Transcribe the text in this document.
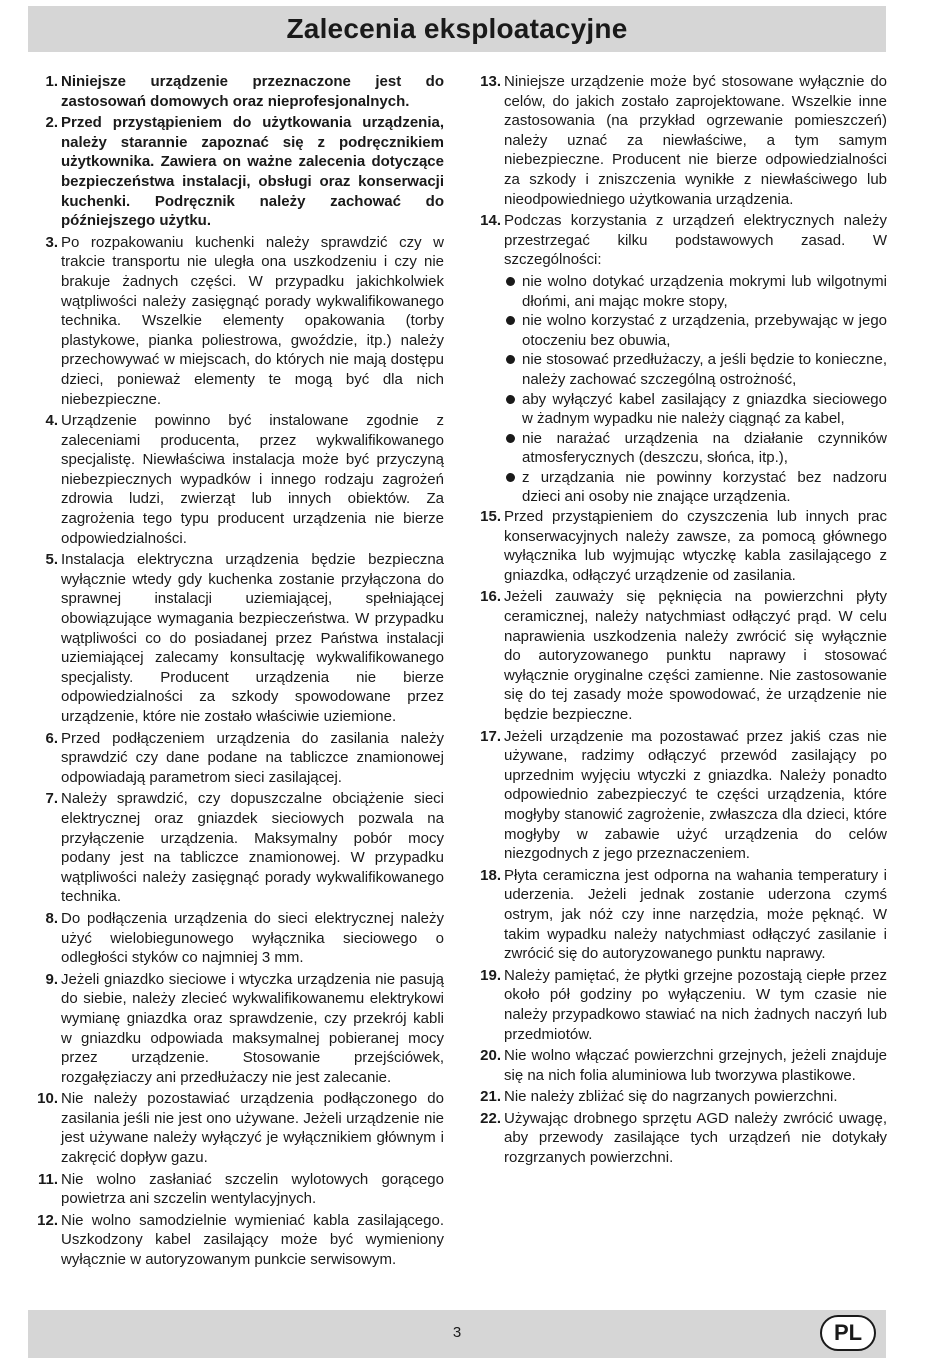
Zalecenia eksploatacyjne
1. Niniejsze urządzenie przeznaczone jest do zastosowań domowych oraz nieprofesjonalnych.
2. Przed przystąpieniem do użytkowania urządzenia, należy starannie zapoznać się z podręcznikiem użytkownika. Zawiera on ważne zalecenia dotyczące bezpieczeństwa instalacji, obsługi oraz konserwacji kuchenki. Podręcznik należy zachować do późniejszego użytku.
3. Po rozpakowaniu kuchenki należy sprawdzić czy w trakcie transportu nie uległa ona uszkodzeniu i czy nie brakuje żadnych części. W przypadku jakichkolwiek wątpliwości należy zasięgnąć porady wykwalifikowanego technika. Wszelkie elementy opakowania (torby plastykowe, pianka poliestrowa, gwoździe, itp.) należy przechowywać w miejscach, do których nie mają dostępu dzieci, ponieważ elementy te mogą być dla nich niebezpieczne.
4. Urządzenie powinno być instalowane zgodnie z zaleceniami producenta, przez wykwalifikowanego specjalistę. Niewłaściwa instalacja może być przyczyną niebezpiecznych wypadków i innego rodzaju zagrożeń zdrowia ludzi, zwierząt lub innych obiektów. Za zagrożenia tego typu producent urządzenia nie bierze odpowiedzialności.
5. Instalacja elektryczna urządzenia będzie bezpieczna wyłącznie wtedy gdy kuchenka zostanie przyłączona do sprawnej instalacji uziemiającej, spełniającej obowiązujące wymagania bezpieczeństwa. W przypadku wątpliwości co do posiadanej przez Państwa instalacji uziemiającej zalecamy konsultację wykwalifikowanego specjalisty. Producent urządzenia nie bierze odpowiedzialności za szkody spowodowane przez urządzenie, które nie zostało właściwie uziemione.
6. Przed podłączeniem urządzenia do zasilania należy sprawdzić czy dane podane na tabliczce znamionowej odpowiadają parametrom sieci zasilającej.
7. Należy sprawdzić, czy dopuszczalne obciążenie sieci elektrycznej oraz gniazdek sieciowych pozwala na przyłączenie urządzenia. Maksymalny pobór mocy podany jest na tabliczce znamionowej. W przypadku wątpliwości należy zasięgnąć porady wykwalifikowanego technika.
8. Do podłączenia urządzenia do sieci elektrycznej należy użyć wielobiegunowego wyłącznika sieciowego o odległości styków co najmniej 3 mm.
9. Jeżeli gniazdko sieciowe i wtyczka urządzenia nie pasują do siebie, należy zlecieć wykwalifikowanemu elektrykowi wymianę gniazdka oraz sprawdzenie, czy przekrój kabli w gniazdku odpowiada maksymalnej pobieranej mocy przez urządzenie. Stosowanie przejściówek, rozgałęziaczy ani przedłużaczy nie jest zalecanie.
10. Nie należy pozostawiać urządzenia podłączonego do zasilania jeśli nie jest ono używane. Jeżeli urządzenie nie jest używane należy wyłączyć je wyłącznikiem głównym i zakręcić dopływ gazu.
11. Nie wolno zasłaniać szczelin wylotowych gorącego powietrza ani szczelin wentylacyjnych.
12. Nie wolno samodzielnie wymieniać kabla zasilającego. Uszkodzony kabel zasilający może być wymieniony wyłącznie w autoryzowanym punkcie serwisowym.
13. Niniejsze urządzenie może być stosowane wyłącznie do celów, do jakich zostało zaprojektowane. Wszelkie inne zastosowania (na przykład ogrzewanie pomieszczeń) należy uznać za niewłaściwe, a tym samym niebezpieczne. Producent nie bierze odpowiedzialności za szkody i zniszczenia wynikłe z niewłaściwego lub nieodpowiedniego użytkowania urządzenia.
14. Podczas korzystania z urządzeń elektrycznych należy przestrzegać kilku podstawowych zasad. W szczególności:
nie wolno dotykać urządzenia mokrymi lub wilgotnymi dłońmi, ani mając mokre stopy,
nie wolno korzystać z urządzenia, przebywając w jego otoczeniu bez obuwia,
nie stosować przedłużaczy, a jeśli będzie to konieczne, należy zachować szczególną ostrożność,
aby wyłączyć kabel zasilający z gniazdka sieciowego w żadnym wypadku nie należy ciągnąć za kabel,
nie narażać urządzenia na działanie czynników atmosferycznych (deszczu, słońca, itp.),
z urządzania nie powinny korzystać bez nadzoru dzieci ani osoby nie znające urządzenia.
15. Przed przystąpieniem do czyszczenia lub innych prac konserwacyjnych należy zawsze, za pomocą głównego wyłącznika lub wyjmując wtyczkę kabla zasilającego z gniazdka, odłączyć urządzenie od zasilania.
16. Jeżeli zauważy się pęknięcia na powierzchni płyty ceramicznej, należy natychmiast odłączyć prąd. W celu naprawienia uszkodzenia należy zwrócić się wyłącznie do autoryzowanego punktu naprawy i stosować wyłącznie oryginalne części zamienne. Nie zastosowanie się do tej zasady może spowodować, że urządzenie nie będzie bezpieczne.
17. Jeżeli urządzenie ma pozostawać przez jakiś czas nie używane, radzimy odłączyć przewód zasilający po uprzednim wyjęciu wtyczki z gniazdka. Należy ponadto odpowiednio zabezpieczyć te części urządzenia, które mogłyby stanowić zagrożenie, zwłaszcza dla dzieci, które mogłyby w zabawie użyć urządzenia do celów niezgodnych z jego przeznaczeniem.
18. Płyta ceramiczna jest odporna na wahania temperatury i uderzenia. Jeżeli jednak zostanie uderzona czymś ostrym, jak nóż czy inne narzędzia, może pęknąć. W takim wypadku należy natychmiast odłączyć zasilanie i zwrócić się do autoryzowanego punktu naprawy.
19. Należy pamiętać, że płytki grzejne pozostają ciepłe przez około pół godziny po wyłączeniu. W tym czasie nie należy przypadkowo stawiać na nich żadnych naczyń lub przedmiotów.
20. Nie wolno włączać powierzchni grzejnych, jeżeli znajduje się na nich folia aluminiowa lub tworzywa plastikowe.
21. Nie należy zbliżać się do nagrzanych powierzchni.
22. Używając drobnego sprzętu AGD należy zwrócić uwagę, aby przewody zasilające tych urządzeń nie dotykały rozgrzanych powierzchni.
3	PL
